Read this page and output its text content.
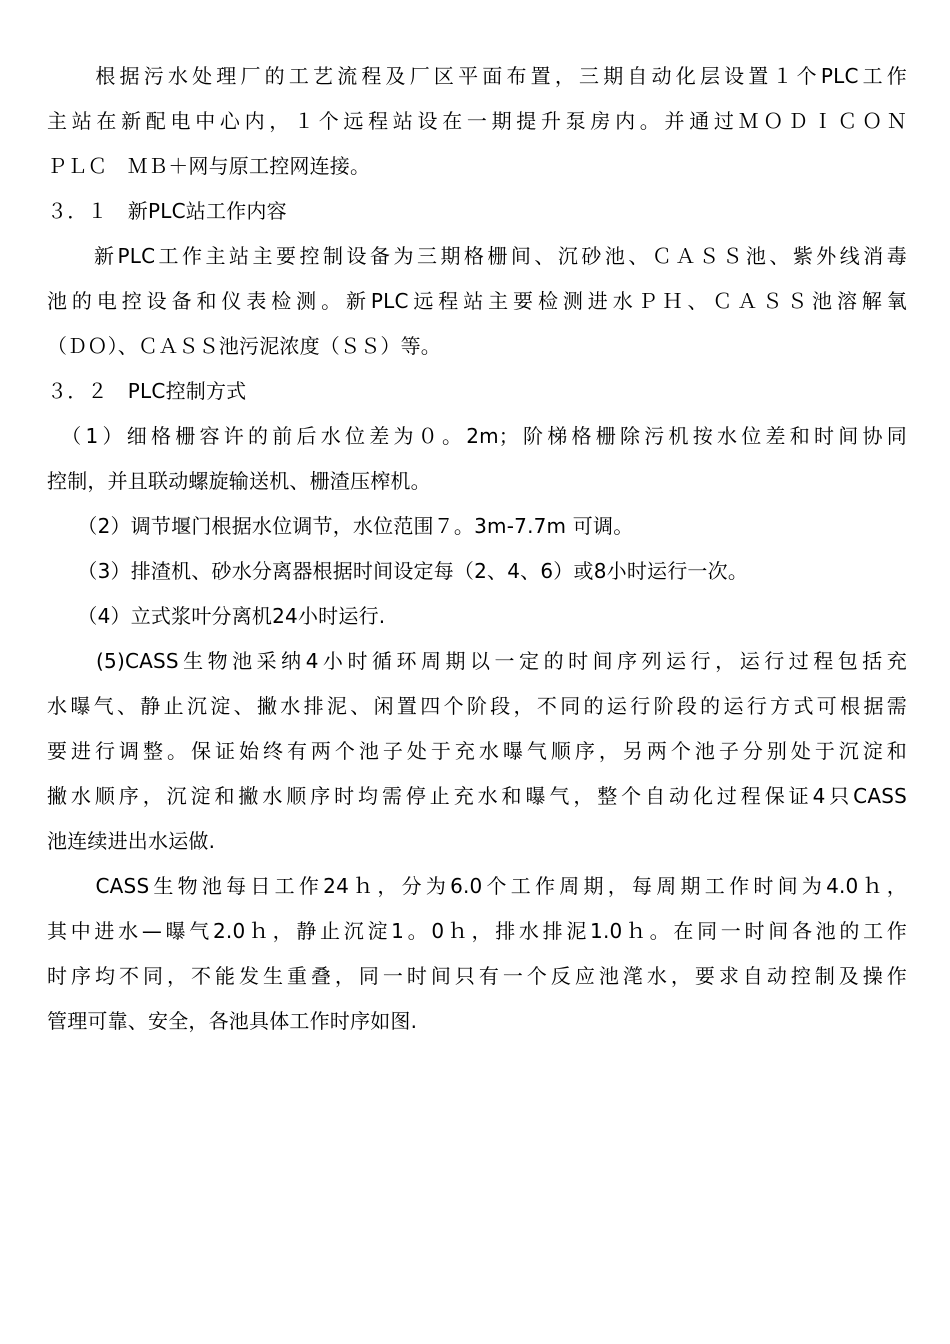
　　根据污水处理厂的工艺流程及厂区平面布置，三期自动化层设置１个PLC工作
主站在新配电中心内，１个远程站设在一期提升泵房内。并通过ＭＯＤＩＣＯＮ
ＰＬＣ　ＭＢ＋网与原工控网连接。
３．１　新PLC站工作内容
　　新PLC工作主站主要控制设备为三期格栅间、沉砂池、ＣＡＳＳ池、紫外线消毒
池的电控设备和仪表检测。新PLC远程站主要检测进水ＰＨ、ＣＡＳＳ池溶解氧
（ＤＯ）、ＣＡＳＳ池污泥浓度（ＳＳ）等。
３．２　PLC控制方式
　（1）细格栅容许的前后水位差为０。2m；阶梯格栅除污机按水位差和时间协同
控制，并且联动螺旋输送机、栅渣压榨机。
　　（2）调节堰门根据水位调节，水位范围７。3m-7.7m 可调。
　　（3）排渣机、砂水分离器根据时间设定每（2、4、6）或8小时运行一次。
　　（4）立式浆叶分离机24小时运行.
　　(5)CASS生物池采纳4小时循环周期以一定的时间序列运行，运行过程包括充
水曝气、静止沉淀、撇水排泥、闲置四个阶段，不同的运行阶段的运行方式可根据需
要进行调整。保证始终有两个池子处于充水曝气顺序，另两个池子分别处于沉淀和
撇水顺序，沉淀和撇水顺序时均需停止充水和曝气，整个自动化过程保证4只CASS
池连续进出水运做.
　　CASS生物池每日工作24ｈ，分为6.0个工作周期，每周期工作时间为4.0ｈ，
其中进水—曝气2.0ｈ，静止沉淀1。0ｈ，排水排泥1.0ｈ。在同一时间各池的工作
时序均不同，不能发生重叠，同一时间只有一个反应池滗水，要求自动控制及操作
管理可靠、安全，各池具体工作时序如图.
